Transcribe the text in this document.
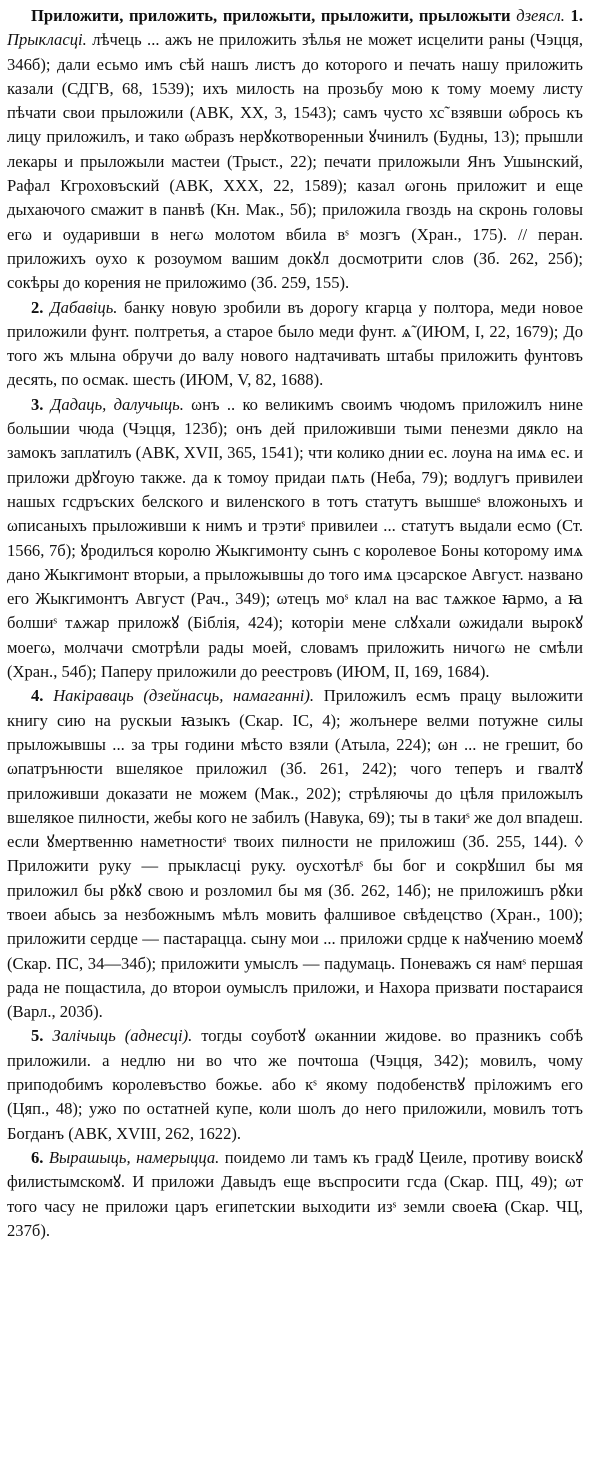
Приложити, приложить, приложыти, прыложити, прыложыти дзеясл. 1. Прыкласці. лѣчець ... ажъ не приложить зѣлья не может исцелити раны (Чэцця, 346б); дали есьмо имъ сѣй нашъ листъ до которого и печать нашу приложить казали (СДГВ, 68, 1539); ихъ милость на прозьбу мою к тому моему листу пѣчати свои прыложили (АВК, XX, 3, 1543); самъ чусто хс̃ взявши ωбрось къ лицу приложилъ, и тако ωбразъ нерꙋкотворенныи ꙋчинилъ (Будны, 13); прышли лекары и прыложыли мастеи (Трыст., 22); печати приложыли Янъ Ушынский, Рафал Кгроховъский (АВК, XXX, 22, 1589); казал ωгонь приложит и еще дыхаючого смажит в панвѣ (Кн. Мак., 5б); приложила гвоздь на скронь головы егω и оударивши в негω молотом вбила вˢ мозгъ (Хран., 175). // перан. приложихъ оухо к розоумом вашим докꙋл досмотрити слов (Зб. 262, 25б); сокѣры до корения не приложимо (Зб. 259, 155).

2. Дабавіць. банку новую зробили въ дорогу кгарца у полтора, меди новое приложили фунт. полтретья, а старое было меди фунт. ѧ̃ (ИЮМ, I, 22, 1679); До того жъ млына обручи до валу нового надтачивать штабы приложить фунтовъ десять, по осмак. шесть (ИЮМ, V, 82, 1688).

3. Дадаць, далучыць. ωнъ .. ко великимъ своимъ чюдомъ приложилъ нине большии чюда (Чэцця, 123б); онъ дей приложивши тыми пенезми дякло на замокъ заплатилъ (АВК, XVII, 365, 1541); чти колико днии ес. лоуна на имѧ ес. и приложи дрꙋгоую также. да к томоу придаи пѧть (Неба, 79); водлугъ привилеи нашых гсдръских белского и виленского в тотъ статутъ вышшеˢ вложоныхъ и ωписаныхъ прыложивши к нимъ и трэтиˢ привилеи ... статутъ выдали есмо (Ст. 1566, 7б); ꙋродилъся королю Жыкгимонту сынъ с королевое Боны которому имѧ дано Жыкгимонт вторыи, а прыложывшы до того имѧ цэсарское Август. названо его Жыкгимонтъ Август (Рач., 349); ωтецъ моˢ клал на вас тѧжкое ꙗрмо, а ꙗ болшиˢ тѧжар приложꙋ (Біблія, 424); которіи мене слꙋхали ωжидали вырокꙋ моегω, молчачи смотрѣли рады моей, словамъ приложить ничогω не смѣли (Хран., 54б); Паперу приложили до реестровъ (ИЮМ, II, 169, 1684).

4. Накіраваць (дзейнасць, намаганні). Приложилъ есмъ працу выложити книгу сию на рускыи ꙗзыкъ (Скар. ІС, 4); жолънере велми потужне силы прыложывшы ... за тры години мѣсто взяли (Атыла, 224); ωн ... не грешит, бо ωпатрънюсти вшелякое приложил (Зб. 261, 242); чого теперъ и гвалтꙋ приложивши доказати не можем (Мак., 202); стрѣляючы до цѣля приложылъ вшелякое пилности, жебы кого не забилъ (Навука, 69); ты в такиˢ же дол впадеш. если ꙋмертвенню наметностиˢ твоих пилности не приложиш (Зб. 255, 144). ◊ Приложити руку — прыкласці руку. оусхотѣлˢ бы бог и сокрꙋшил бы мя приложил бы рꙋкꙋ свою и розломил бы мя (Зб. 262, 14б); не приложишъ рꙋки твоеи абысь за незбожнымъ мѣлъ мовить фалшивое свѣдецство (Хран., 100); приложити сердце — пастарацца. сыну мои ... приложи срдце к наꙋчению моемꙋ (Скар. ПС, 34—34б); приложити умыслъ — падумаць. Поневажъ ся намˢ першая рада не пощастила, до второи оумыслъ приложи, и Нахора призвати постараися (Варл., 203б).

5. Залічыць (аднесці). тогды соуботꙋ ωканнии жидове. во празникъ собѣ приложили. а недлю ни во что же почтоша (Чэцця, 342); мовилъ, чому приподобимъ королевъство божье. або кˢ якому подобенствꙋ прiложимъ его (Цяп., 48); ужо по остатней купе, коли шолъ до него приложили, мовилъ тотъ Богданъ (АВК, XVIII, 262, 1622).

6. Вырашыць, намерыцца. поидемо ли тамъ къ градꙋ Цеиле, противу воискꙋ филистымскомꙋ. И приложи Давыдъ еще въспросити гсда (Скар. ПЦ, 49); ωт того часу не приложи царъ египетскии выходити изˢ земли своеꙗ (Скар. ЧЦ, 237б).
